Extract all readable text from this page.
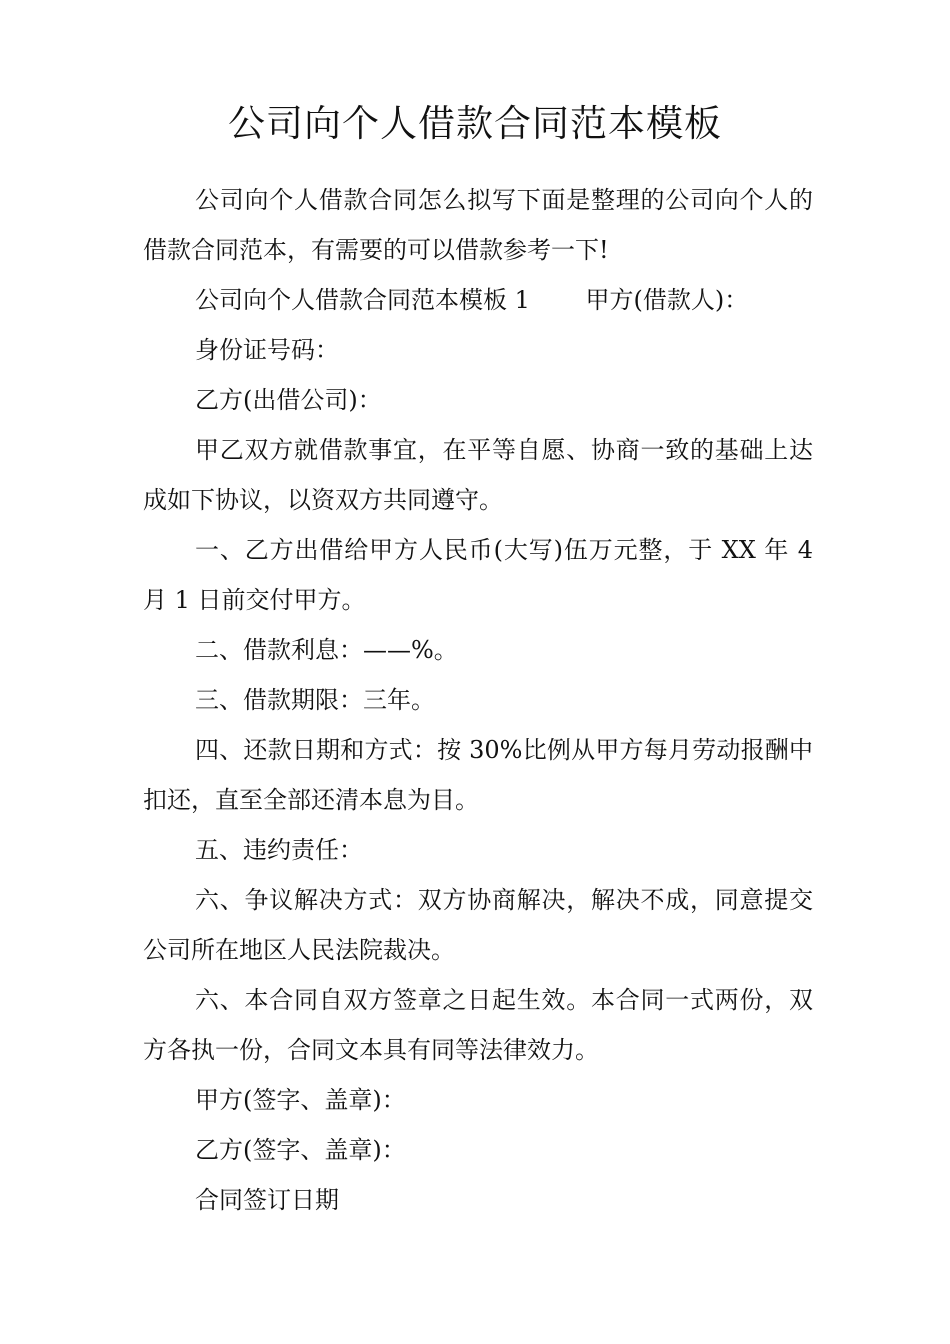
公司向个人借款合同范本模板

公司向个人借款合同怎么拟写下面是整理的公司向个人的借款合同范本，有需要的可以借款参考一下!

公司向个人借款合同范本模板 1　　 甲方(借款人)：

身份证号码：

乙方(出借公司)：

甲乙双方就借款事宜，在平等自愿、协商一致的基础上达成如下协议，以资双方共同遵守。

一、乙方出借给甲方人民币(大写)伍万元整，于 XX 年 4 月 1 日前交付甲方。

二、借款利息：——%。

三、借款期限：三年。

四、还款日期和方式：按 30%比例从甲方每月劳动报酬中扣还，直至全部还清本息为目。

五、违约责任：

六、争议解决方式：双方协商解决，解决不成，同意提交公司所在地区人民法院裁决。

六、本合同自双方签章之日起生效。本合同一式两份，双方各执一份，合同文本具有同等法律效力。

甲方(签字、盖章)：

乙方(签字、盖章)：

合同签订日期
